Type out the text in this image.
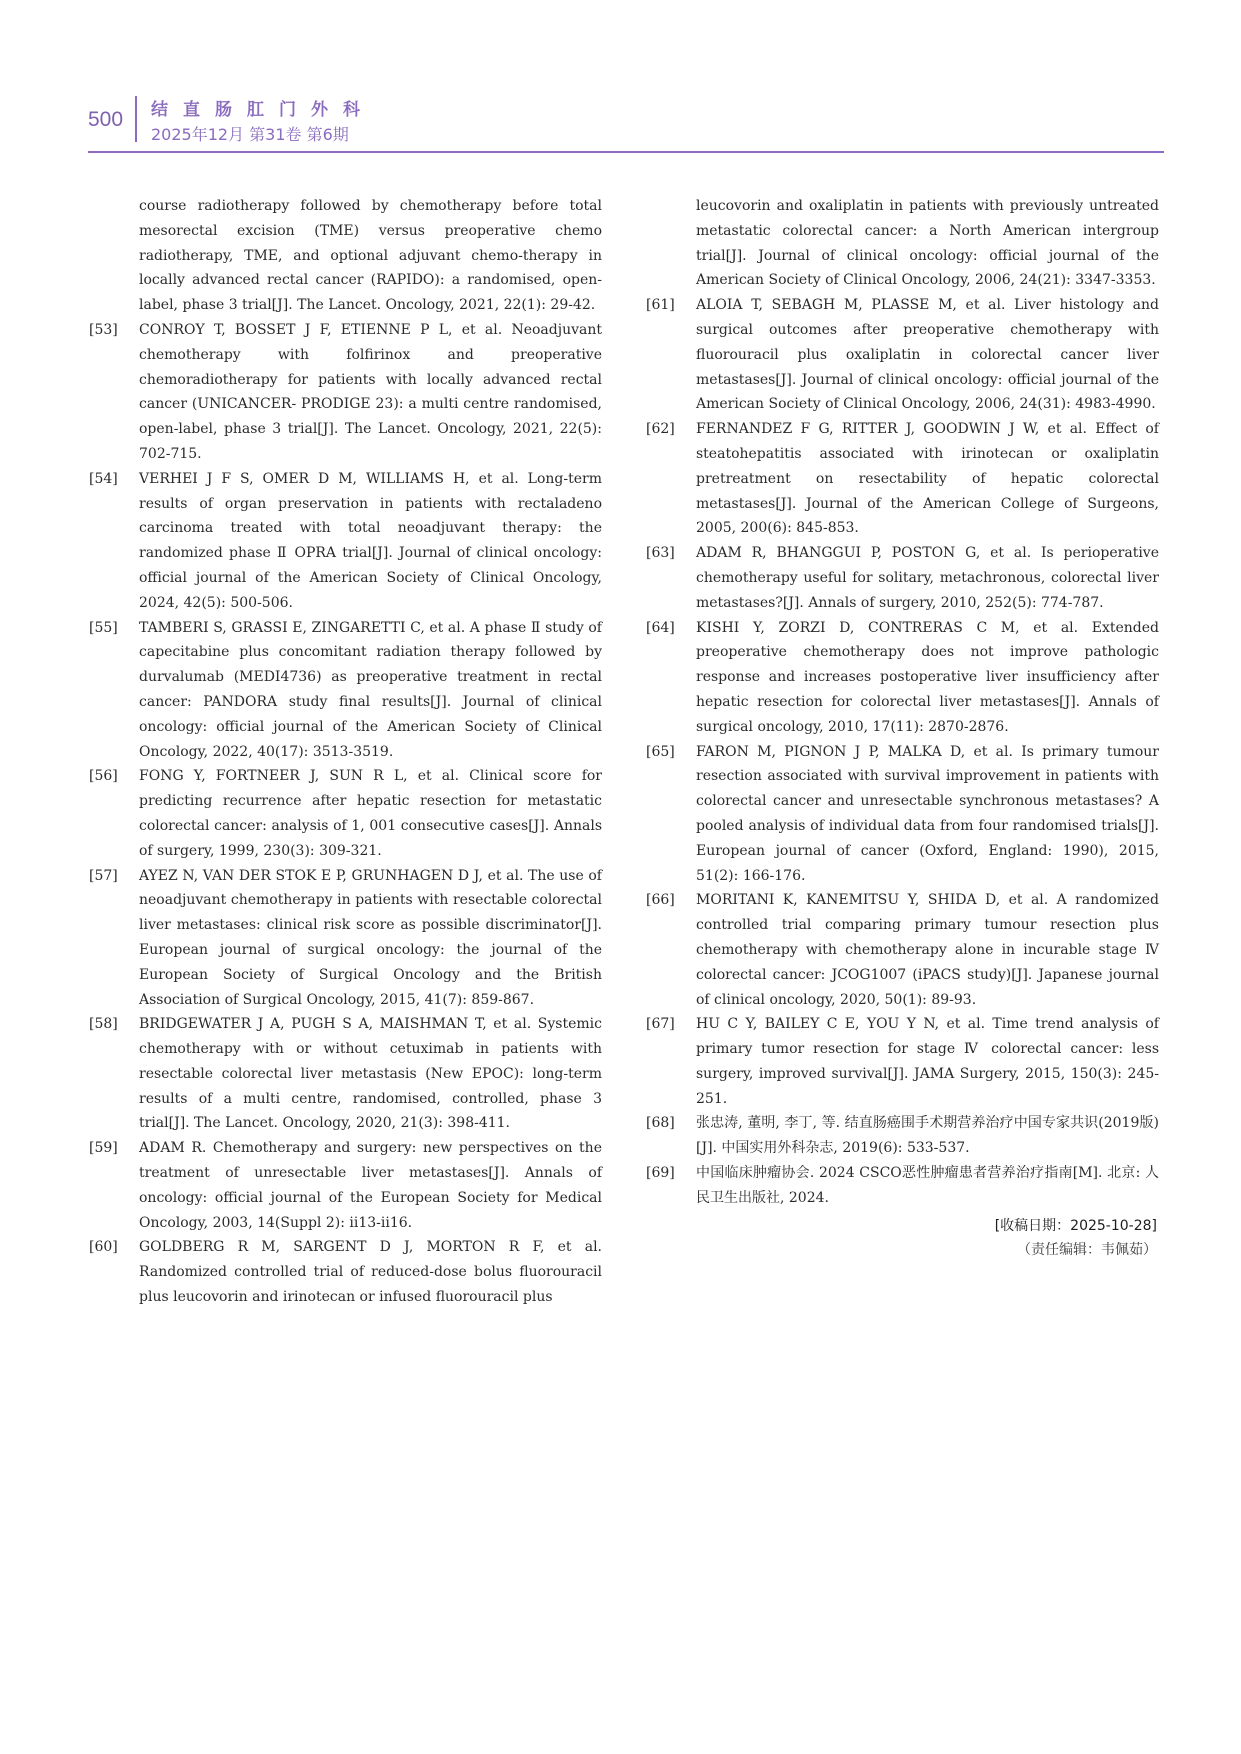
500 结直肠肛门外科
2025年12月 第31卷 第6期
course radiotherapy followed by chemotherapy before total mesorectal excision (TME) versus preoperative chemo radiotherapy, TME, and optional adjuvant chemo-therapy in locally advanced rectal cancer (RAPIDO): a randomised, open-label, phase 3 trial[J]. The Lancet. Oncology, 2021, 22(1): 29-42.
[53]	CONROY T, BOSSET J F, ETIENNE P L, et al. Neoadjuvant chemotherapy with folfirinox and preoperative chemoradiotherapy for patients with locally advanced rectal cancer (UNICANCER- PRODIGE 23): a multi centre randomised, open-label, phase 3 trial[J]. The Lancet. Oncology, 2021, 22(5): 702-715.
[54]	VERHEI J F S, OMER D M, WILLIAMS H, et al. Long-term results of organ preservation in patients with rectaladeno carcinoma treated with total neoadjuvant therapy: the randomized phase Ⅱ OPRA trial[J]. Journal of clinical oncology: official journal of the American Society of Clinical Oncology, 2024, 42(5): 500-506.
[55]	TAMBERI S, GRASSI E, ZINGARETTI C, et al. A phase Ⅱ study of capecitabine plus concomitant radiation therapy followed by durvalumab (MEDI4736) as preoperative treatment in rectal cancer: PANDORA study final results[J]. Journal of clinical oncology: official journal of the American Society of Clinical Oncology, 2022, 40(17): 3513-3519.
[56]	FONG Y, FORTNEER J, SUN R L, et al. Clinical score for predicting recurrence after hepatic resection for metastatic colorectal cancer: analysis of 1, 001 consecutive cases[J]. Annals of surgery, 1999, 230(3): 309-321.
[57]	AYEZ N, VAN DER STOK E P, GRUNHAGEN D J, et al. The use of neoadjuvant chemotherapy in patients with resectable colorectal liver metastases: clinical risk score as possible discriminator[J]. European journal of surgical oncology: the journal of the European Society of Surgical Oncology and the British Association of Surgical Oncology, 2015, 41(7): 859-867.
[58]	BRIDGEWATER J A, PUGH S A, MAISHMAN T, et al. Systemic chemotherapy with or without cetuximab in patients with resectable colorectal liver metastasis (New EPOC): long-term results of a multi centre, randomised, controlled, phase 3 trial[J]. The Lancet. Oncology, 2020, 21(3): 398-411.
[59]	ADAM R. Chemotherapy and surgery: new perspectives on the treatment of unresectable liver metastases[J]. Annals of oncology: official journal of the European Society for Medical Oncology, 2003, 14(Suppl 2): ii13-ii16.
[60]	GOLDBERG R M, SARGENT D J, MORTON R F, et al. Randomized controlled trial of reduced-dose bolus fluorouracil plus leucovorin and irinotecan or infused fluorouracil plus
leucovorin and oxaliplatin in patients with previously untreated metastatic colorectal cancer: a North American intergroup trial[J]. Journal of clinical oncology: official journal of the American Society of Clinical Oncology, 2006, 24(21): 3347-3353.
[61]	ALOIA T, SEBAGH M, PLASSE M, et al. Liver histology and surgical outcomes after preoperative chemotherapy with fluorouracil plus oxaliplatin in colorectal cancer liver metastases[J]. Journal of clinical oncology: official journal of the American Society of Clinical Oncology, 2006, 24(31): 4983-4990.
[62]	FERNANDEZ F G, RITTER J, GOODWIN J W, et al. Effect of steatohepatitis associated with irinotecan or oxaliplatin pretreatment on resectability of hepatic colorectal metastases[J]. Journal of the American College of Surgeons, 2005, 200(6): 845-853.
[63]	ADAM R, BHANGGUI P, POSTON G, et al. Is perioperative chemotherapy useful for solitary, metachronous, colorectal liver metastases?[J]. Annals of surgery, 2010, 252(5): 774-787.
[64]	KISHI Y, ZORZI D, CONTRERAS C M, et al. Extended preoperative chemotherapy does not improve pathologic response and increases postoperative liver insufficiency after hepatic resection for colorectal liver metastases[J]. Annals of surgical oncology, 2010, 17(11): 2870-2876.
[65]	FARON M, PIGNON J P, MALKA D, et al. Is primary tumour resection associated with survival improvement in patients with colorectal cancer and unresectable synchronous metastases? A pooled analysis of individual data from four randomised trials[J]. European journal of cancer (Oxford, England: 1990), 2015, 51(2): 166-176.
[66]	MORITANI K, KANEMITSU Y, SHIDA D, et al. A randomized controlled trial comparing primary tumour resection plus chemotherapy with chemotherapy alone in incurable stage Ⅳ colorectal cancer: JCOG1007 (iPACS study)[J]. Japanese journal of clinical oncology, 2020, 50(1): 89-93.
[67]	HU C Y, BAILEY C E, YOU Y N, et al. Time trend analysis of primary tumor resection for stage Ⅳ colorectal cancer: less surgery, improved survival[J]. JAMA Surgery, 2015, 150(3): 245-251.
[68]	张忠涛, 董明, 李丁, 等. 结直肠癌围手术期营养治疗中国专家共识(2019版)[J]. 中国实用外科杂志, 2019(6): 533-537.
[69]	中国临床肿瘤协会. 2024 CSCO恶性肿瘤患者营养治疗指南[M]. 北京: 人民卫生出版社, 2024.
[收稿日期：2025-10-28]
（责任编辑：韦佩茹）
